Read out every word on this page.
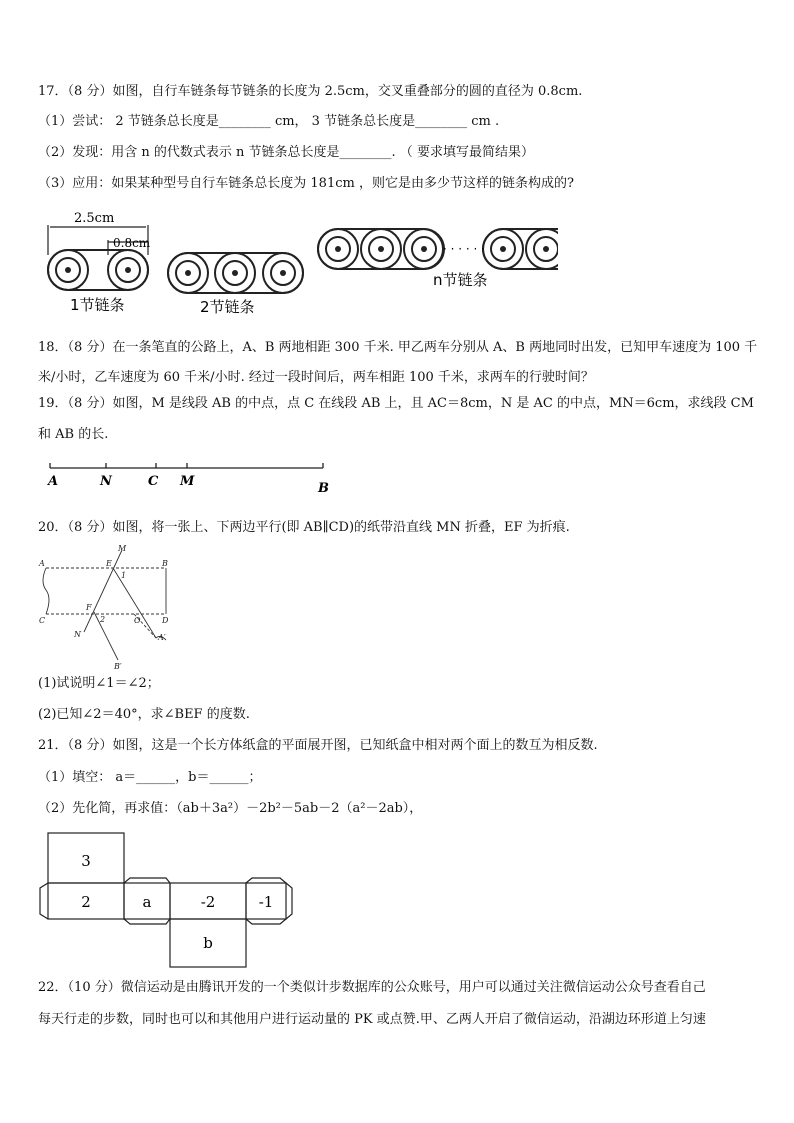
17．（8 分）如图，自行车链条每节链条的长度为 2.5cm，交叉重叠部分的圆的直径为 0.8cm.
（1）尝试： 2 节链条总长度是________ cm， 3 节链条总长度是________ cm .
（2）发现：用含 n 的代数式表示 n 节链条总长度是________. （ 要求填写最简结果）
（3）应用：如果某种型号自行车链条总长度为 181cm ，则它是由多少节这样的链条构成的?
2.5cm
0.8cm
1节链条	2节链条
· · · · · ·
n节链条
18．（8 分）在一条笔直的公路上，A、B 两地相距 300 千米. 甲乙两车分别从 A、B 两地同时出发，已知甲车速度为 100 千米/小时，乙车速度为 60 千米/小时. 经过一段时间后，两车相距 100 千米，求两车的行驶时间？
19．（8 分）如图，M 是线段 AB 的中点，点 C 在线段 AB 上，且 AC＝8cm，N 是 AC 的中点，MN＝6cm，求线段 CM
和 AB 的长.
A	N	C M	B
20．（8 分）如图，将一张上、下两边平行(即 AB∥CD)的纸带沿直线 MN 折叠，EF 为折痕.
M
A	E
1
B
F
2	O	D
C
N	A′
B′
(1)试说明∠1＝∠2；
(2)已知∠2＝40°，求∠BEF 的度数.
21．（8 分）如图，这是一个长方体纸盒的平面展开图，已知纸盒中相对两个面上的数互为相反数.
（1）填空： a＝______，b＝______；
（2）先化简，再求值：（ab＋3a²）－2b²－5ab－2（a²－2ab），
3
2	a	-2	-1
b
22．（10 分）微信运动是由腾讯开发的一个类似计步数据库的公众账号，用户可以通过关注微信运动公众号查看自己
每天行走的步数，同时也可以和其他用户进行运动量的 PK 或点赞.甲、乙两人开启了微信运动，沿湖边环形道上匀速
